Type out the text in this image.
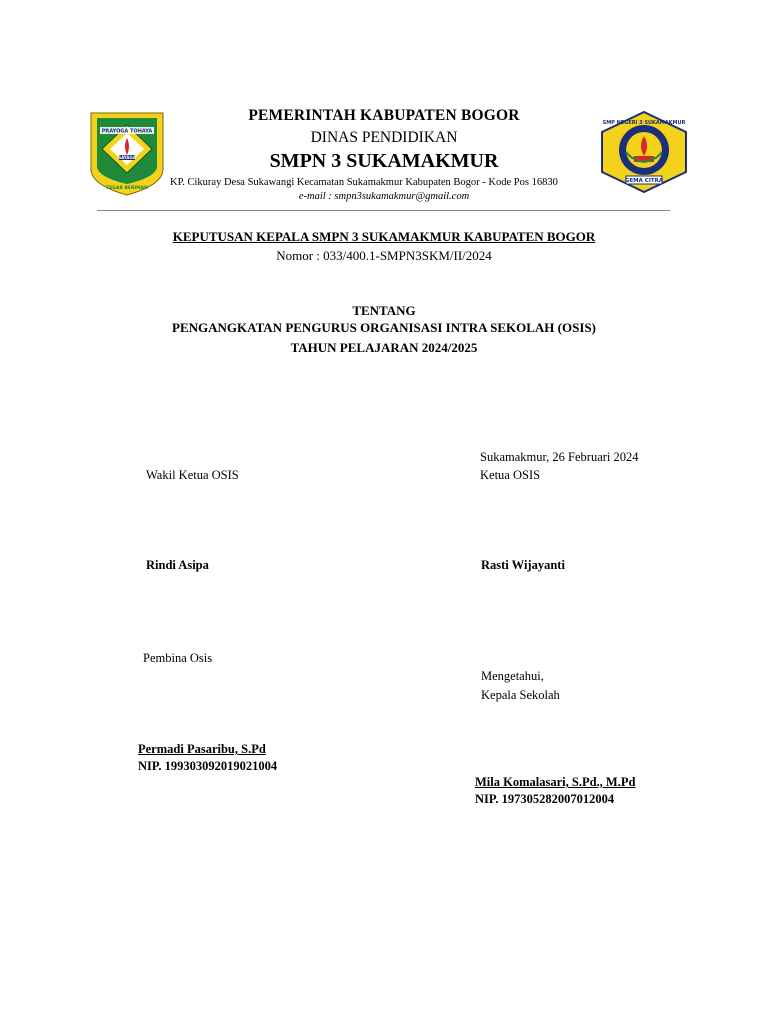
PRAYOGA TOHAYA
SAYAGA
TEGAR BERIMAN
SMP NEGERI 3 SUKAMAKMUR
GEMA CITRA
PEMERINTAH KABUPATEN BOGOR
DINAS PENDIDIKAN
SMPN 3 SUKAMAKMUR
KP. Cikuray Desa Sukawangi Kecamatan Sukamakmur Kabupaten Bogor - Kode Pos 16830
e-mail : smpn3sukamakmur@gmail.com
KEPUTUSAN KEPALA SMPN 3 SUKAMAKMUR KABUPATEN BOGOR
Nomor : 033/400.1-SMPN3SKM/II/2024
TENTANG
PENGANGKATAN PENGURUS ORGANISASI INTRA SEKOLAH (OSIS)
TAHUN PELAJARAN 2024/2025
Sukamakmur, 26 Februari 2024
Wakil Ketua OSIS	Ketua OSIS
Rindi Asipa	Rasti Wijayanti
Pembina Osis
Mengetahui,
Kepala Sekolah
Permadi Pasaribu, S.Pd
NIP. 199303092019021004
Mila Komalasari, S.Pd., M.Pd
NIP. 197305282007012004
